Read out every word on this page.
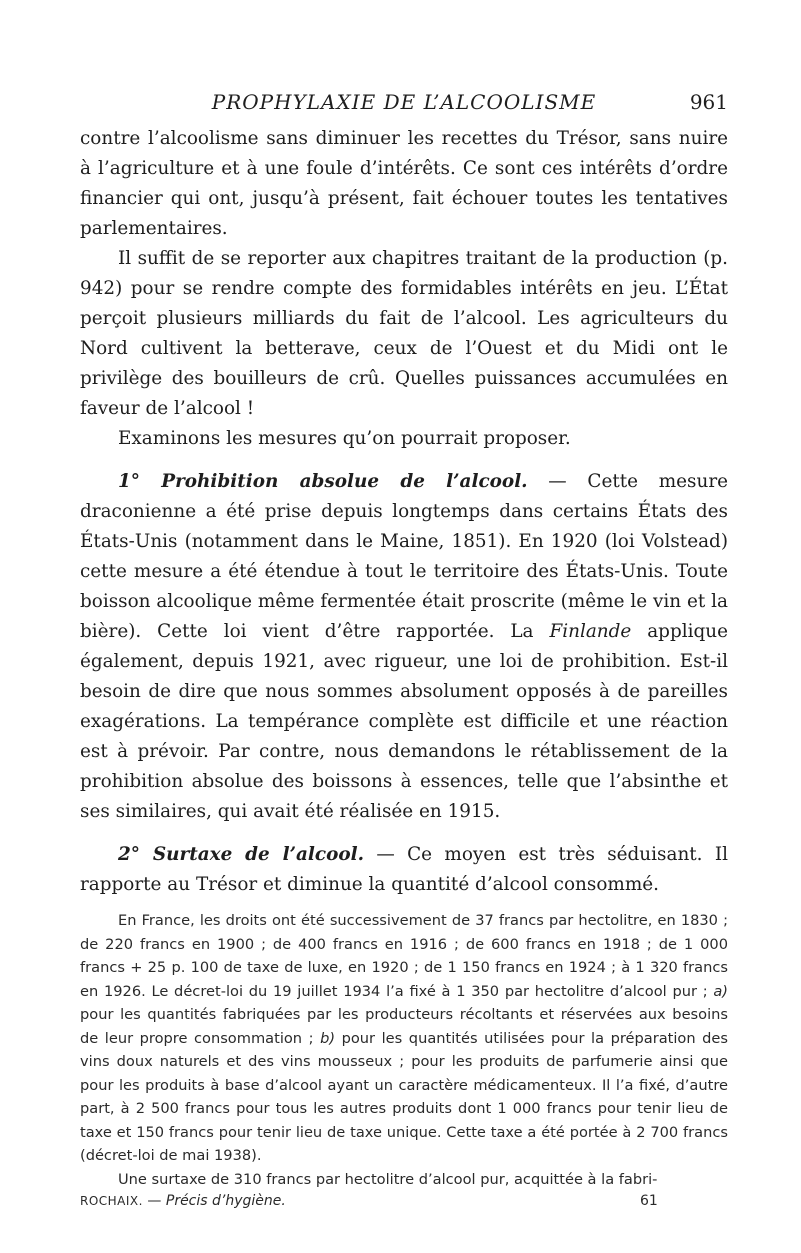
PROPHYLAXIE DE L’ALCOOLISME	961

contre l’alcoolisme sans diminuer les recettes du Trésor, sans nuire à l’agriculture et à une foule d’intérêts. Ce sont ces intérêts d’ordre financier qui ont, jusqu’à présent, fait échouer toutes les tentatives parlementaires.

Il suffit de se reporter aux chapitres traitant de la production (p. 942) pour se rendre compte des formidables intérêts en jeu. L’État perçoit plusieurs milliards du fait de l’alcool. Les agriculteurs du Nord cultivent la betterave, ceux de l’Ouest et du Midi ont le privilège des bouilleurs de crû. Quelles puissances accumulées en faveur de l’alcool !

Examinons les mesures qu’on pourrait proposer.

1° Prohibition absolue de l’alcool. — Cette mesure draconienne a été prise depuis longtemps dans certains États des États-Unis (notamment dans le Maine, 1851). En 1920 (loi Volstead) cette mesure a été étendue à tout le territoire des États-Unis. Toute boisson alcoolique même fermentée était proscrite (même le vin et la bière). Cette loi vient d’être rapportée. La Finlande applique également, depuis 1921, avec rigueur, une loi de prohibition. Est-il besoin de dire que nous sommes absolument opposés à de pareilles exagérations. La tempérance complète est difficile et une réaction est à prévoir. Par contre, nous demandons le rétablissement de la prohibition absolue des boissons à essences, telle que l’absinthe et ses similaires, qui avait été réalisée en 1915.

2° Surtaxe de l’alcool. — Ce moyen est très séduisant. Il rapporte au Trésor et diminue la quantité d’alcool consommé.

En France, les droits ont été successivement de 37 francs par hectolitre, en 1830 ; de 220 francs en 1900 ; de 400 francs en 1916 ; de 600 francs en 1918 ; de 1 000 francs + 25 p. 100 de taxe de luxe, en 1920 ; de 1 150 francs en 1924 ; à 1 320 francs en 1926. Le décret-loi du 19 juillet 1934 l’a fixé à 1 350 par hectolitre d’alcool pur ; a) pour les quantités fabriquées par les producteurs récoltants et réservées aux besoins de leur propre consommation ; b) pour les quantités utilisées pour la préparation des vins doux naturels et des vins mousseux ; pour les produits de parfumerie ainsi que pour les produits à base d’alcool ayant un caractère médicamenteux. Il l’a fixé, d’autre part, à 2 500 francs pour tous les autres produits dont 1 000 francs pour tenir lieu de taxe et 150 francs pour tenir lieu de taxe unique. Cette taxe a été portée à 2 700 francs (décret-loi de mai 1938).

Une surtaxe de 310 francs par hectolitre d’alcool pur, acquittée à la fabri-

ROCHAIX. — Précis d’hygiène.	61
